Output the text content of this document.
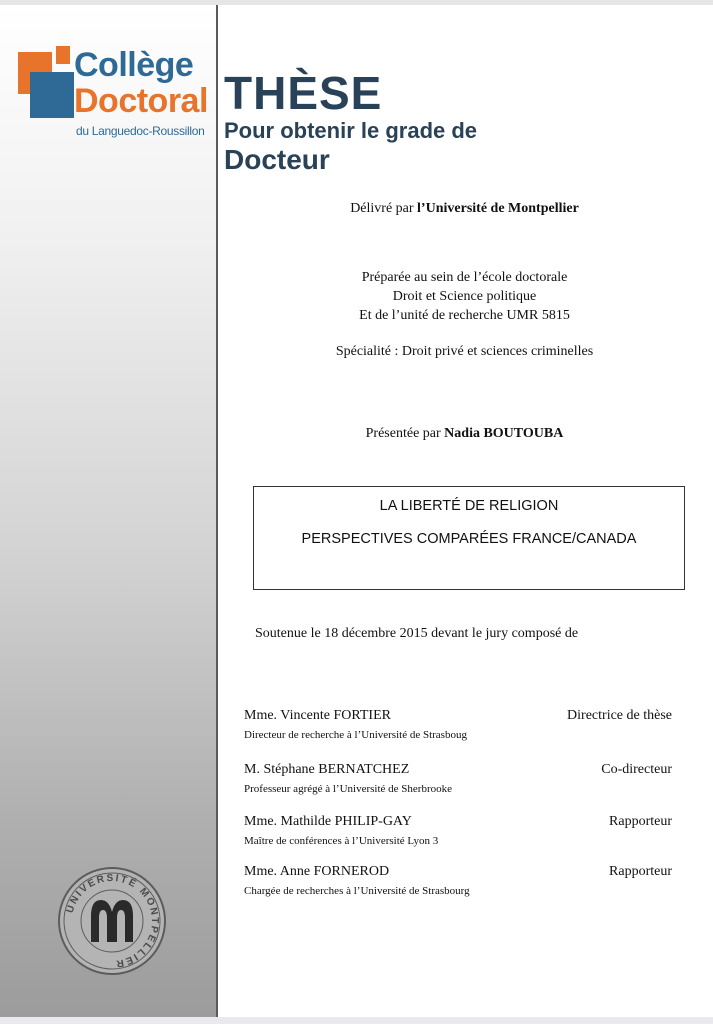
Collège
Doctoral
du Languedoc-Roussillon
THÈSE
Pour obtenir le grade de
Docteur
Délivré par l’Université de Montpellier
Préparée au sein de l’école doctorale
Droit et Science politique
Et de l’unité de recherche UMR 5815
Spécialité : Droit privé et sciences criminelles
Présentée par Nadia BOUTOUBA
LA LIBERTÉ DE RELIGION
PERSPECTIVES COMPARÉES FRANCE/CANADA
Soutenue le 18 décembre 2015 devant le jury composé de
Mme. Vincente FORTIER	Directrice de thèse
Directeur de recherche à l’Université de Strasboug
M. Stéphane BERNATCHEZ	Co-directeur
Professeur agrégé à l’Université de Sherbrooke
Mme. Mathilde PHILIP-GAY	Rapporteur
Maître de conférences à l’Université Lyon 3
Mme. Anne FORNEROD	Rapporteur
Chargée de recherches à l’Université de Strasbourg
UNIVERSITÉ MONTPELLIER
